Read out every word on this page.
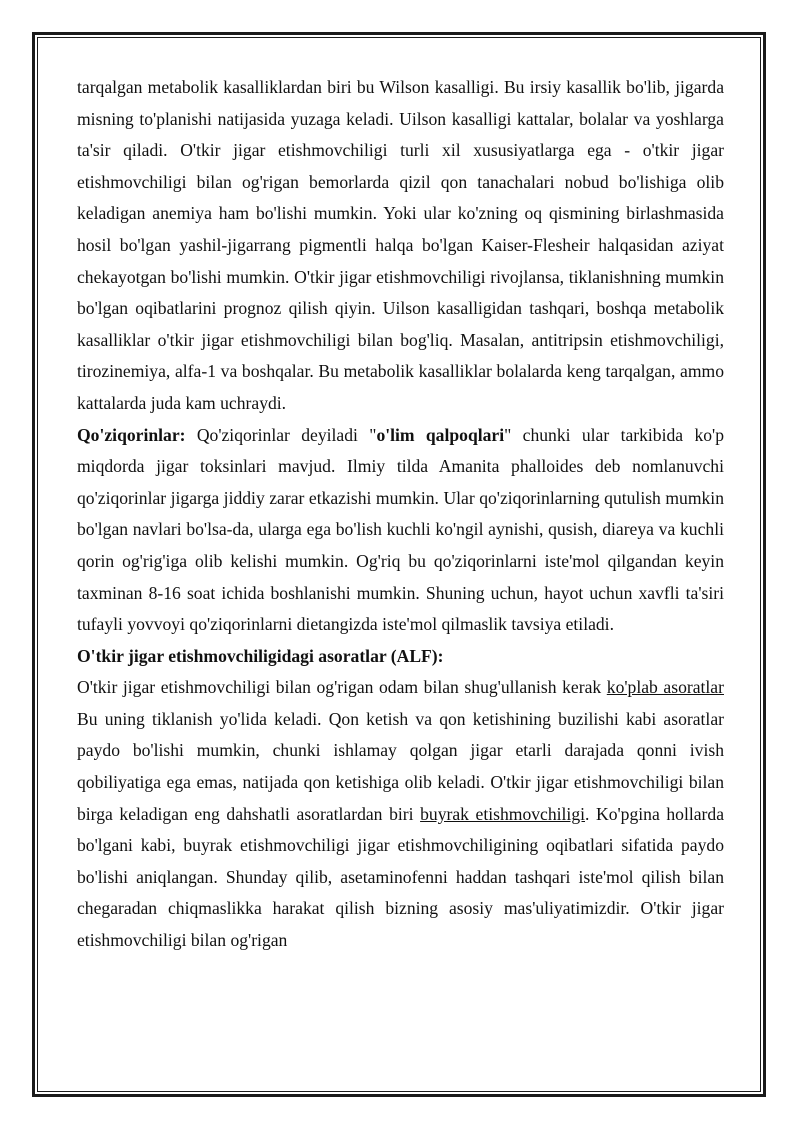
tarqalgan metabolik kasalliklardan biri bu Wilson kasalligi. Bu irsiy kasallik bo'lib, jigarda misning to'planishi natijasida yuzaga keladi. Uilson kasalligi kattalar, bolalar va yoshlarga ta'sir qiladi. O'tkir jigar etishmovchiligi turli xil xususiyatlarga ega - o'tkir jigar etishmovchiligi bilan og'rigan bemorlarda qizil qon tanachalari nobud bo'lishiga olib keladigan anemiya ham bo'lishi mumkin. Yoki ular ko'zning oq qismining birlashmasida hosil bo'lgan yashil-jigarrang pigmentli halqa bo'lgan Kaiser-Flesheir halqasidan aziyat chekayotgan bo'lishi mumkin. O'tkir jigar etishmovchiligi rivojlansa, tiklanishning mumkin bo'lgan oqibatlarini prognoz qilish qiyin. Uilson kasalligidan tashqari, boshqa metabolik kasalliklar o'tkir jigar etishmovchiligi bilan bog'liq. Masalan, antitripsin etishmovchiligi, tirozinemiya, alfa-1 va boshqalar. Bu metabolik kasalliklar bolalarda keng tarqalgan, ammo kattalarda juda kam uchraydi.

Qo'ziqorinlar: Qo'ziqorinlar deyiladi "o'lim qalpoqlari" chunki ular tarkibida ko'p miqdorda jigar toksinlari mavjud. Ilmiy tilda Amanita phalloides deb nomlanuvchi qo'ziqorinlar jigarga jiddiy zarar etkazishi mumkin. Ular qo'ziqorinlarning qutulish mumkin bo'lgan navlari bo'lsa-da, ularga ega bo'lish kuchli ko'ngil aynishi, qusish, diareya va kuchli qorin og'rig'iga olib kelishi mumkin. Og'riq bu qo'ziqorinlarni iste'mol qilgandan keyin taxminan 8-16 soat ichida boshlanishi mumkin. Shuning uchun, hayot uchun xavfli ta'siri tufayli yovvoyi qo'ziqorinlarni dietangizda iste'mol qilmaslik tavsiya etiladi.

O'tkir jigar etishmovchiligidagi asoratlar (ALF):

O'tkir jigar etishmovchiligi bilan og'rigan odam bilan shug'ullanish kerak ko'plab asoratlar Bu uning tiklanish yo'lida keladi. Qon ketish va qon ketishining buzilishi kabi asoratlar paydo bo'lishi mumkin, chunki ishlamay qolgan jigar etarli darajada qonni ivish qobiliyatiga ega emas, natijada qon ketishiga olib keladi. O'tkir jigar etishmovchiligi bilan birga keladigan eng dahshatli asoratlardan biri buyrak etishmovchiligi. Ko'pgina hollarda bo'lgani kabi, buyrak etishmovchiligi jigar etishmovchiligining oqibatlari sifatida paydo bo'lishi aniqlangan. Shunday qilib, asetaminofenni haddan tashqari iste'mol qilish bilan chegaradan chiqmaslikka harakat qilish bizning asosiy mas'uliyatimizdir. O'tkir jigar etishmovchiligi bilan og'rigan
